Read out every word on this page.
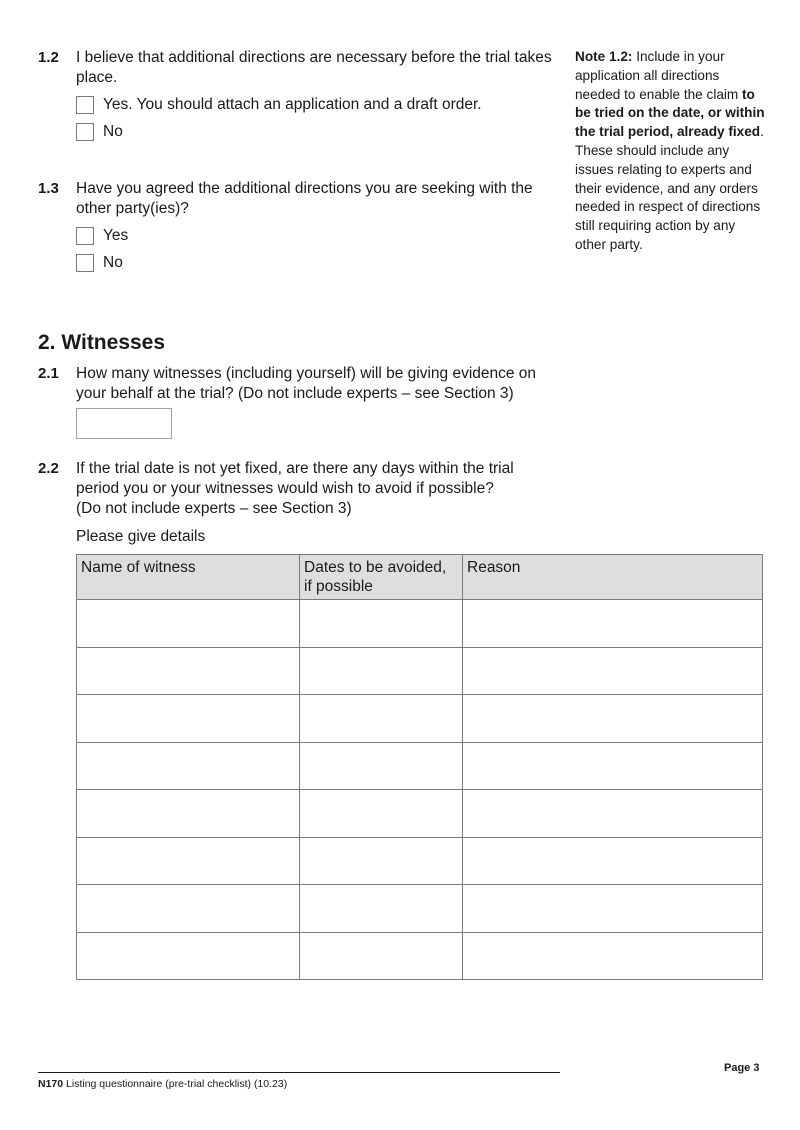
1.2 I believe that additional directions are necessary before the trial takes place.
Yes. You should attach an application and a draft order.
No
1.3 Have you agreed the additional directions you are seeking with the other party(ies)?
Yes
No
Note 1.2: Include in your application all directions needed to enable the claim to be tried on the date, or within the trial period, already fixed. These should include any issues relating to experts and their evidence, and any orders needed in respect of directions still requiring action by any other party.
2. Witnesses
2.1 How many witnesses (including yourself) will be giving evidence on your behalf at the trial? (Do not include experts – see Section 3)
2.2 If the trial date is not yet fixed, are there any days within the trial period you or your witnesses would wish to avoid if possible?
(Do not include experts – see Section 3)
Please give details
Name of witness	Dates to be avoided, if possible	Reason

N170 Listing questionnaire (pre-trial checklist) (10.23)
Page 3
